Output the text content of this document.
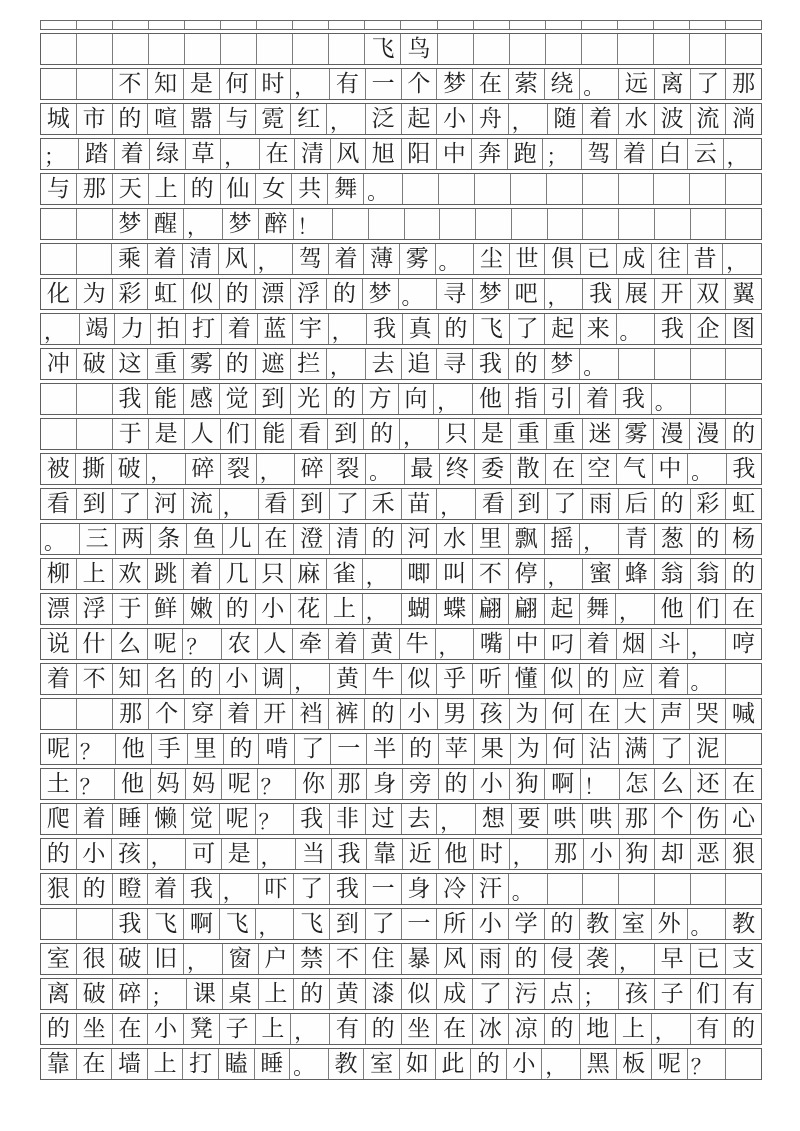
飞 鸟

不 知 是 何 时 ， 有 一 个 梦 在 萦 绕 。 远 离 了 那
城 市 的 喧 嚣 与 霓 红 ， 泛 起 小 舟 ， 随 着 水 波 流 淌
； 踏 着 绿 草 ， 在 清 风 旭 阳 中 奔 跑 ； 驾 着 白 云 ，
与 那 天 上 的 仙 女 共 舞 。

梦 醒 ， 梦 醉 ！

乘 着 清 风 ， 驾 着 薄 雾 。 尘 世 俱 已 成 往 昔 ，
化 为 彩 虹 似 的 漂 浮 的 梦 。 寻 梦 吧 ， 我 展 开 双 翼
， 竭 力 拍 打 着 蓝 宇 ， 我 真 的 飞 了 起 来 。 我 企 图
冲 破 这 重 雾 的 遮 拦 ， 去 追 寻 我 的 梦 。

我 能 感 觉 到 光 的 方 向 ， 他 指 引 着 我 。

于 是 人 们 能 看 到 的 ， 只 是 重 重 迷 雾 漫 漫 的
被 撕 破 ， 碎 裂 ， 碎 裂 。 最 终 委 散 在 空 气 中 。 我
看 到 了 河 流 ， 看 到 了 禾 苗 ， 看 到 了 雨 后 的 彩 虹
。 三 两 条 鱼 儿 在 澄 清 的 河 水 里 飘 摇 ， 青 葱 的 杨
柳 上 欢 跳 着 几 只 麻 雀 ， 唧 叫 不 停 ， 蜜 蜂 翁 翁 的
漂 浮 于 鲜 嫩 的 小 花 上 ， 蝴 蝶 翩 翩 起 舞 ， 他 们 在
说 什 么 呢 ？ 农 人 牵 着 黄 牛 ， 嘴 中 叼 着 烟 斗 ， 哼
着 不 知 名 的 小 调 ， 黄 牛 似 乎 听 懂 似 的 应 着 。

那 个 穿 着 开 裆 裤 的 小 男 孩 为 何 在 大 声 哭 喊
呢 ？ 他 手 里 的 啃 了 一 半 的 苹 果 为 何 沾 满 了 泥

土 ？ 他 妈 妈 呢 ？ 你 那 身 旁 的 小 狗 啊 ！ 怎 么 还 在
爬 着 睡 懒 觉 呢 ？ 我 非 过 去 ， 想 要 哄 哄 那 个 伤 心
的 小 孩 ， 可 是 ， 当 我 靠 近 他 时 ， 那 小 狗 却 恶 狠
狠 的 瞪 着 我 ， 吓 了 我 一 身 冷 汗 。

我 飞 啊 飞 ， 飞 到 了 一 所 小 学 的 教 室 外 。 教
室 很 破 旧 ， 窗 户 禁 不 住 暴 风 雨 的 侵 袭 ， 早 已 支
离 破 碎 ； 课 桌 上 的 黄 漆 似 成 了 污 点 ； 孩 子 们 有
的 坐 在 小 凳 子 上 ， 有 的 坐 在 冰 凉 的 地 上 ， 有 的
靠 在 墙 上 打 瞌 睡 。 教 室 如 此 的 小 ， 黑 板 呢 ？
